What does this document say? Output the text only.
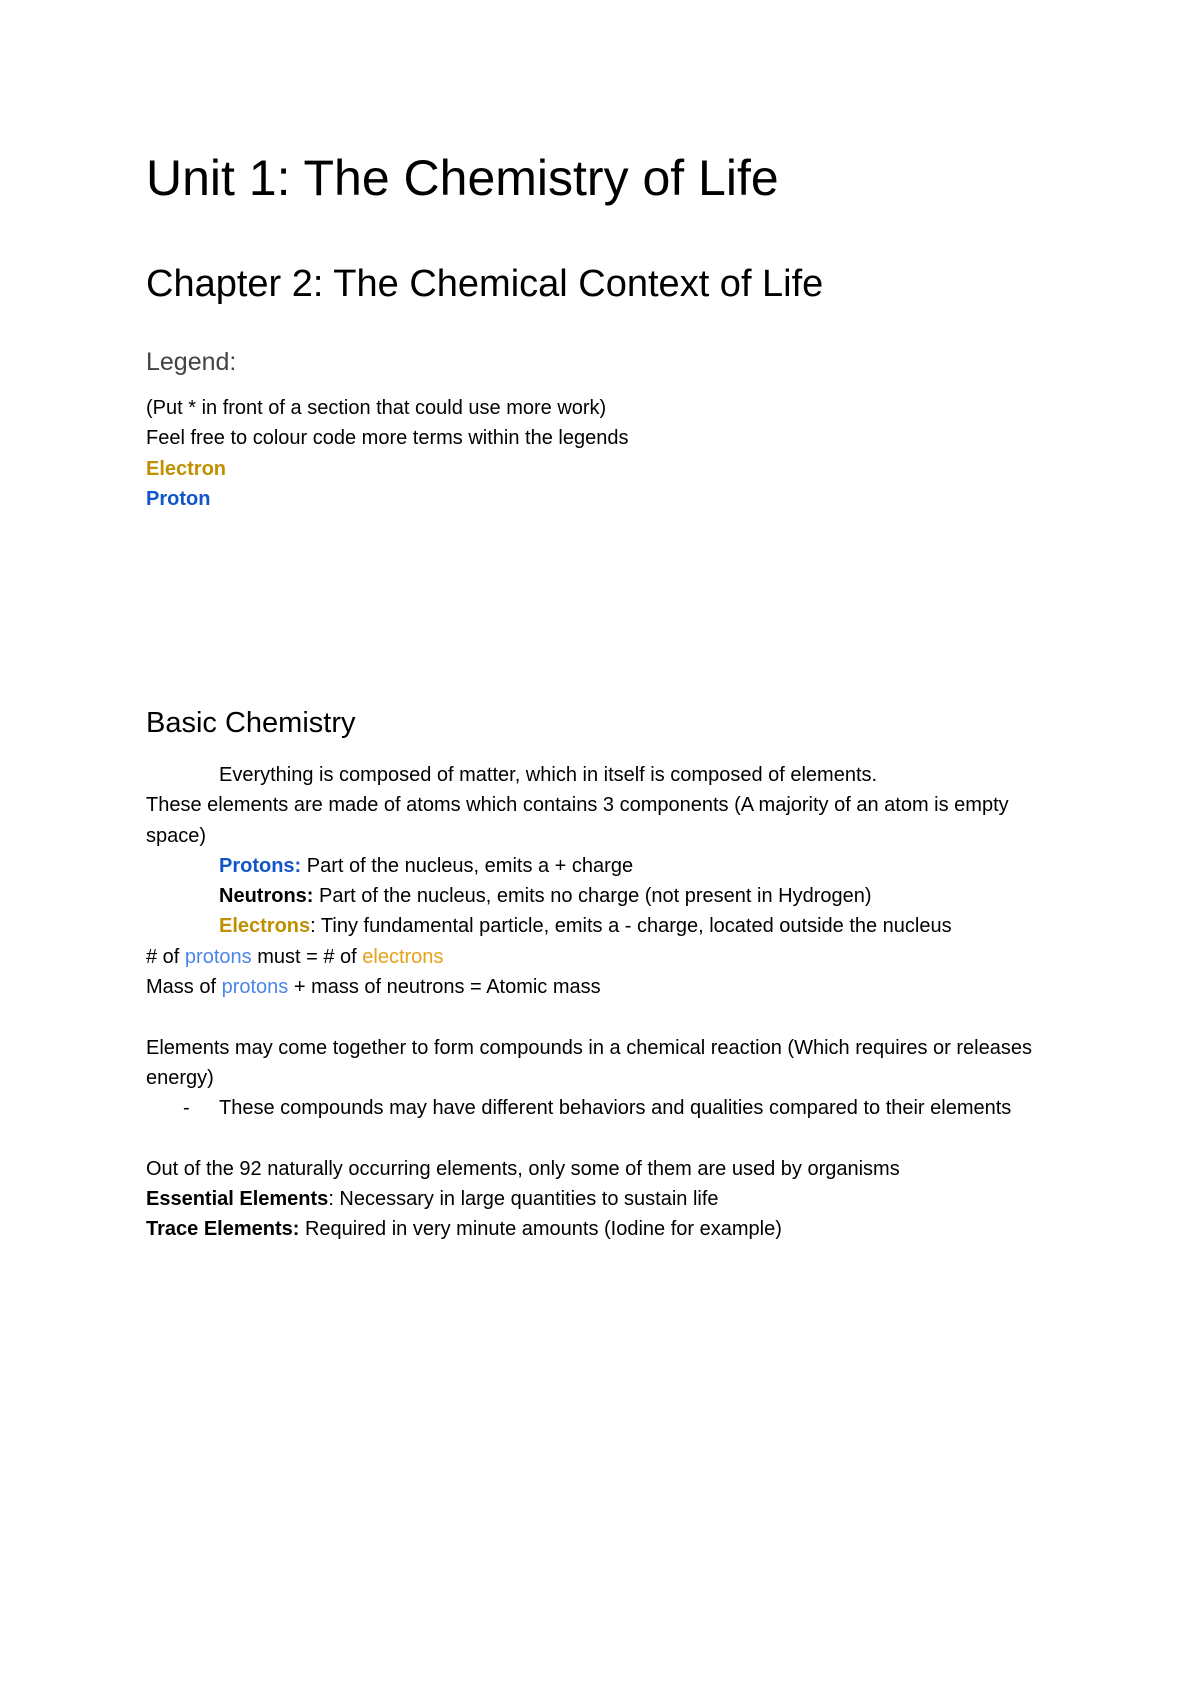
Unit 1: The Chemistry of Life
Chapter 2: The Chemical Context of Life
Legend:
(Put * in front of a section that could use more work)
Feel free to colour code more terms within the legends
Electron
Proton
Basic Chemistry
Everything is composed of matter, which in itself is composed of elements.
These elements are made of atoms which contains 3 components (A majority of an atom is empty space)
Protons: Part of the nucleus, emits a + charge
Neutrons: Part of the nucleus, emits no charge (not present in Hydrogen)
Electrons: Tiny fundamental particle, emits a - charge, located outside the nucleus
# of protons must = # of electrons
Mass of protons + mass of neutrons = Atomic mass
Elements may come together to form compounds in a chemical reaction (Which requires or releases energy)
- These compounds may have different behaviors and qualities compared to their elements
Out of the 92 naturally occurring elements, only some of them are used by organisms
Essential Elements: Necessary in large quantities to sustain life
Trace Elements: Required in very minute amounts (Iodine for example)
